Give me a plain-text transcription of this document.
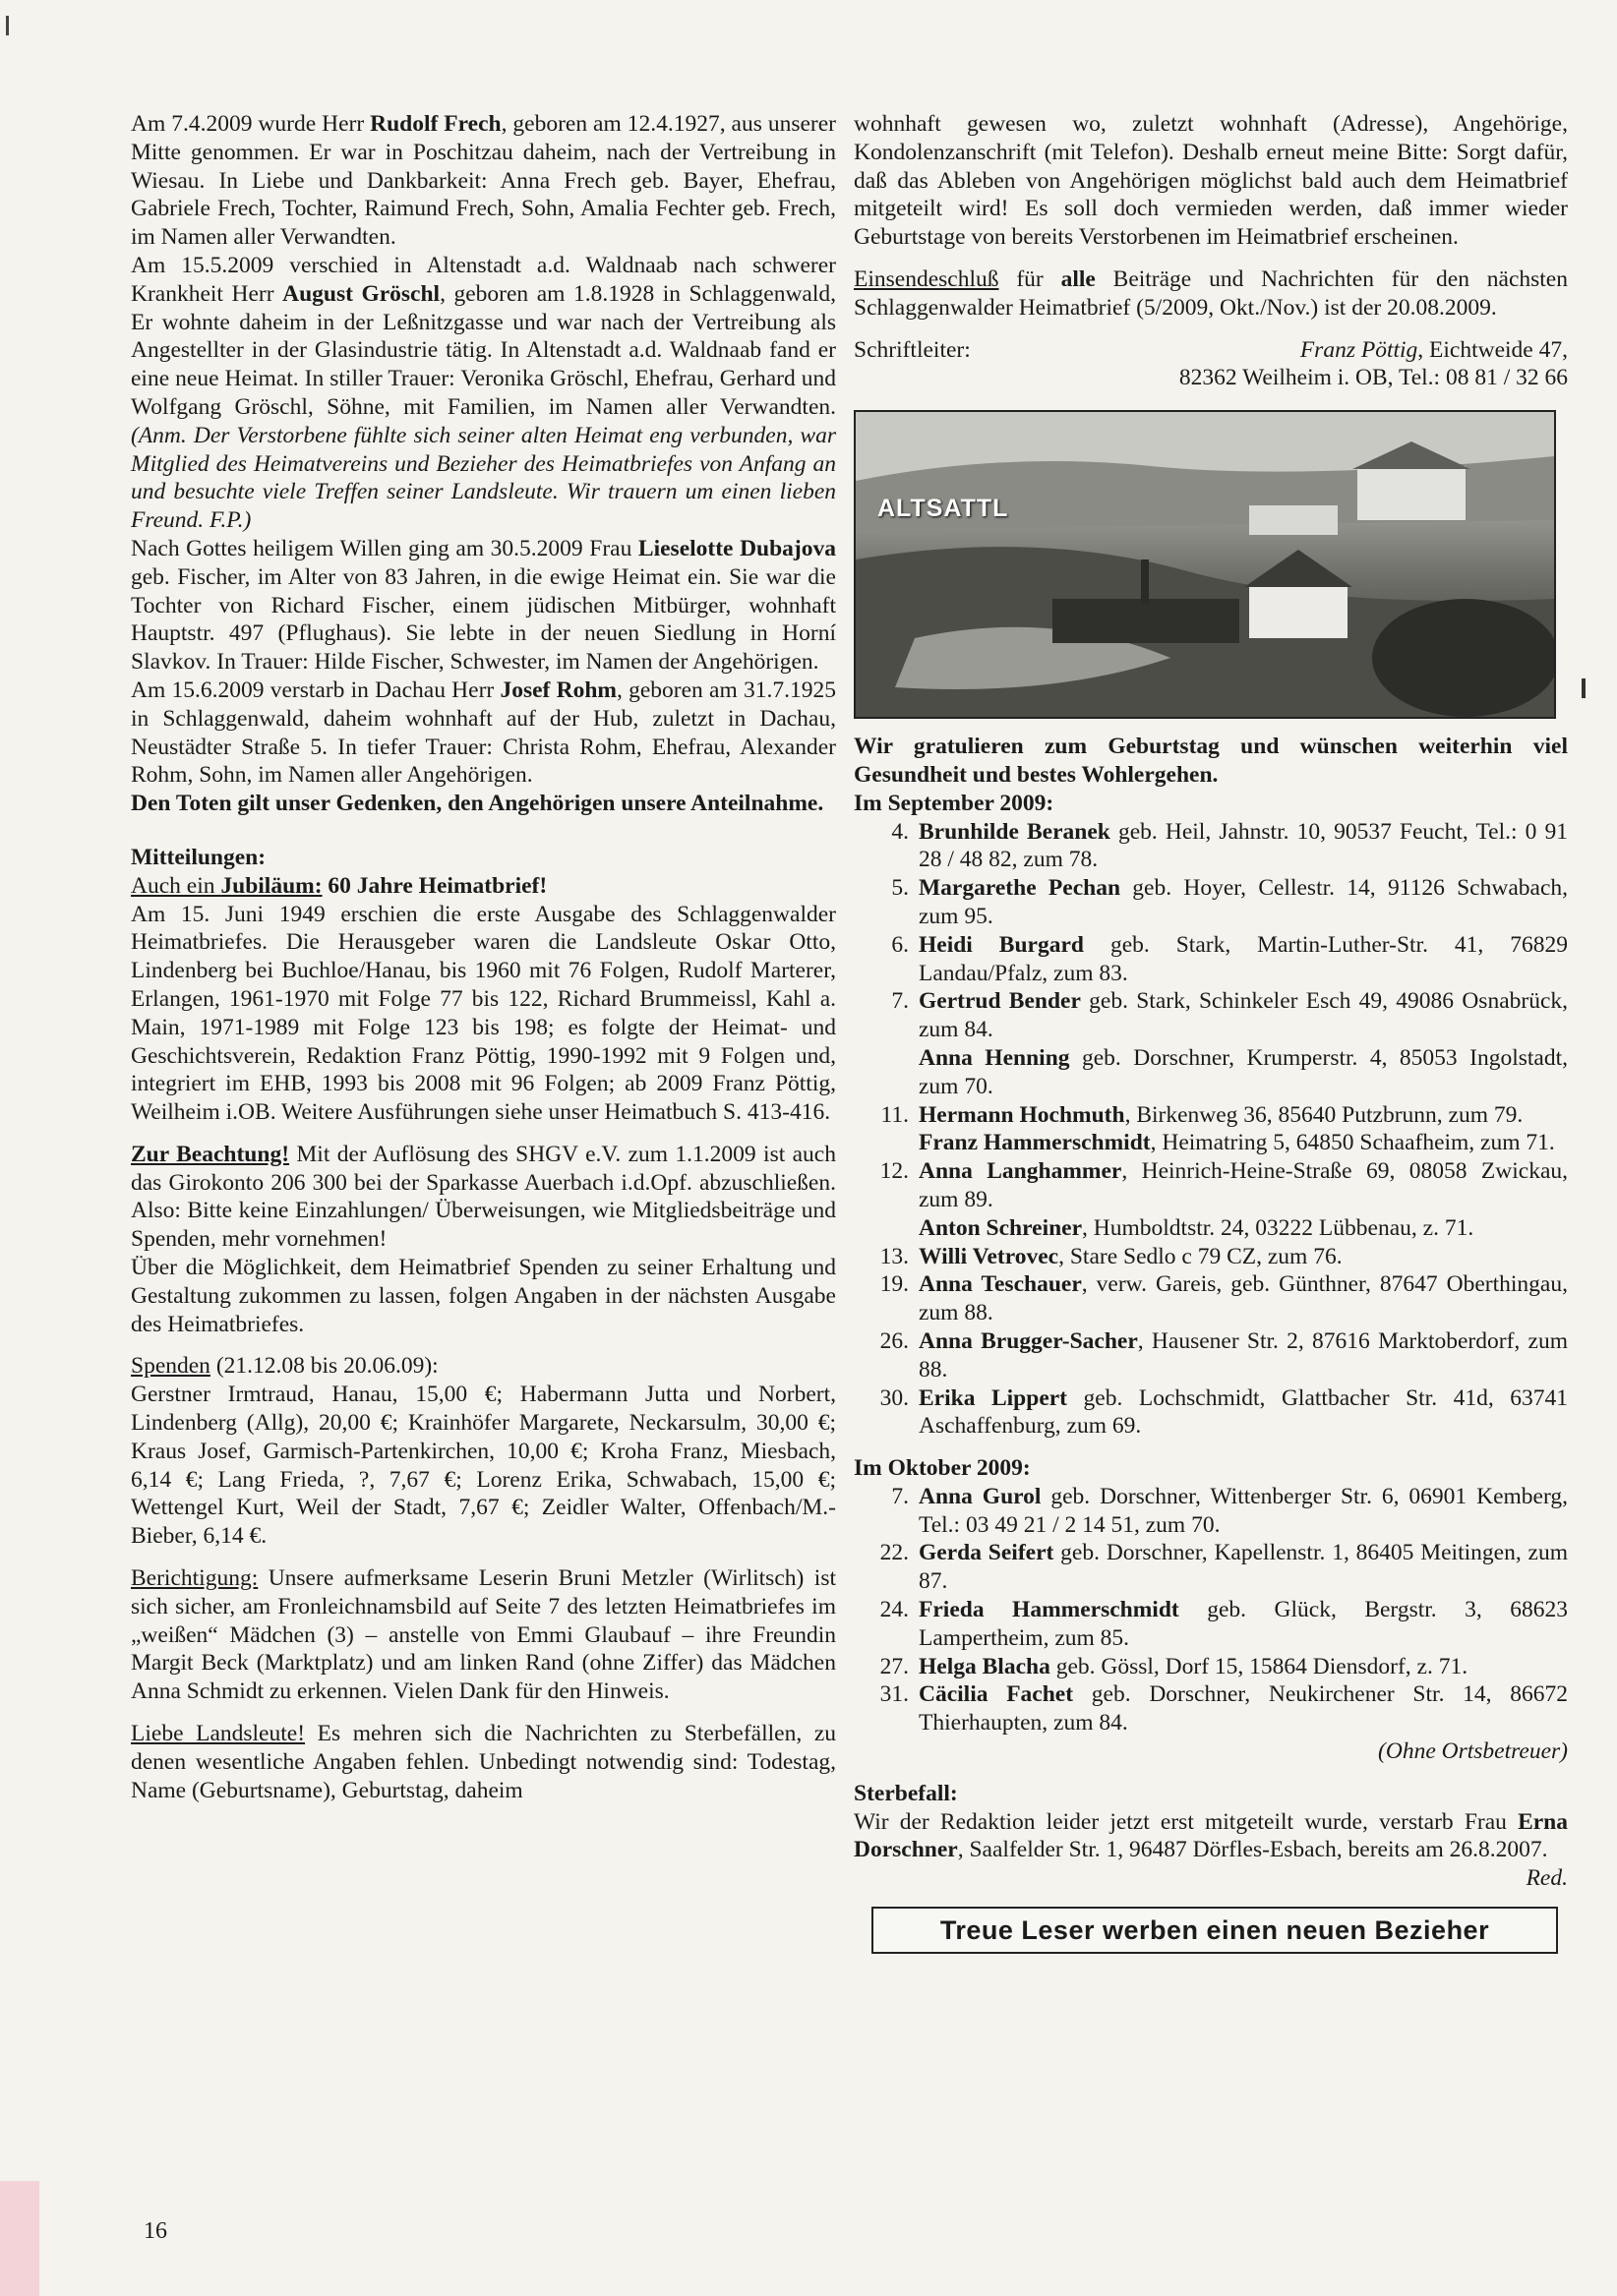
Am 7.4.2009 wurde Herr Rudolf Frech, geboren am 12.4.1927, aus unserer Mitte genommen. Er war in Poschitzau daheim, nach der Vertreibung in Wiesau. In Liebe und Dankbarkeit: Anna Frech geb. Bayer, Ehefrau, Gabriele Frech, Tochter, Raimund Frech, Sohn, Amalia Fechter geb. Frech, im Namen aller Verwandten.

Am 15.5.2009 verschied in Altenstadt a.d. Waldnaab nach schwerer Krankheit Herr August Gröschl, geboren am 1.8.1928 in Schlaggenwald, Er wohnte daheim in der Leßnitzgasse und war nach der Vertreibung als Angestellter in der Glasindustrie tätig. In Altenstadt a.d. Waldnaab fand er eine neue Heimat. In stiller Trauer: Veronika Gröschl, Ehefrau, Gerhard und Wolfgang Gröschl, Söhne, mit Familien, im Namen aller Verwandten. (Anm. Der Verstorbene fühlte sich seiner alten Heimat eng verbunden, war Mitglied des Heimatvereins und Bezieher des Heimatbriefes von Anfang an und besuchte viele Treffen seiner Landsleute. Wir trauern um einen lieben Freund. F.P.)

Nach Gottes heiligem Willen ging am 30.5.2009 Frau Lieselotte Dubajova geb. Fischer, im Alter von 83 Jahren, in die ewige Heimat ein. Sie war die Tochter von Richard Fischer, einem jüdischen Mitbürger, wohnhaft Hauptstr. 497 (Pflughaus). Sie lebte in der neuen Siedlung in Horní Slavkov. In Trauer: Hilde Fischer, Schwester, im Namen der Angehörigen.

Am 15.6.2009 verstarb in Dachau Herr Josef Rohm, geboren am 31.7.1925 in Schlaggenwald, daheim wohnhaft auf der Hub, zuletzt in Dachau, Neustädter Straße 5. In tiefer Trauer: Christa Rohm, Ehefrau, Alexander Rohm, Sohn, im Namen aller Angehörigen.

Den Toten gilt unser Gedenken, den Angehörigen unsere Anteilnahme.

Mitteilungen:

Auch ein Jubiläum: 60 Jahre Heimatbrief!

Am 15. Juni 1949 erschien die erste Ausgabe des Schlaggenwalder Heimatbriefes. Die Herausgeber waren die Landsleute Oskar Otto, Lindenberg bei Buchloe/Hanau, bis 1960 mit 76 Folgen, Rudolf Marterer, Erlangen, 1961-1970 mit Folge 77 bis 122, Richard Brummeissl, Kahl a. Main, 1971-1989 mit Folge 123 bis 198; es folgte der Heimat- und Geschichtsverein, Redaktion Franz Pöttig, 1990-1992 mit 9 Folgen und, integriert im EHB, 1993 bis 2008 mit 96 Folgen; ab 2009 Franz Pöttig, Weilheim i.OB. Weitere Ausführungen siehe unser Heimatbuch S. 413-416.

Zur Beachtung! Mit der Auflösung des SHGV e.V. zum 1.1.2009 ist auch das Girokonto 206 300 bei der Sparkasse Auerbach i.d.Opf. abzuschließen. Also: Bitte keine Einzahlungen/ Überweisungen, wie Mitgliedsbeiträge und Spenden, mehr vornehmen!

Über die Möglichkeit, dem Heimatbrief Spenden zu seiner Erhaltung und Gestaltung zukommen zu lassen, folgen Angaben in der nächsten Ausgabe des Heimatbriefes.

Spenden (21.12.08 bis 20.06.09):

Gerstner Irmtraud, Hanau, 15,00 €; Habermann Jutta und Norbert, Lindenberg (Allg), 20,00 €; Krainhöfer Margarete, Neckarsulm, 30,00 €; Kraus Josef, Garmisch-Partenkirchen, 10,00 €; Kroha Franz, Miesbach, 6,14 €; Lang Frieda, ?, 7,67 €; Lorenz Erika, Schwabach, 15,00 €; Wettengel Kurt, Weil der Stadt, 7,67 €; Zeidler Walter, Offenbach/M.-Bieber, 6,14 €.

Berichtigung: Unsere aufmerksame Leserin Bruni Metzler (Wirlitsch) ist sich sicher, am Fronleichnamsbild auf Seite 7 des letzten Heimatbriefes im „weißen“ Mädchen (3) – anstelle von Emmi Glaubauf – ihre Freundin Margit Beck (Marktplatz) und am linken Rand (ohne Ziffer) das Mädchen Anna Schmidt zu erkennen. Vielen Dank für den Hinweis.

Liebe Landsleute! Es mehren sich die Nachrichten zu Sterbefällen, zu denen wesentliche Angaben fehlen. Unbedingt notwendig sind: Todestag, Name (Geburtsname), Geburtstag, daheim

wohnhaft gewesen wo, zuletzt wohnhaft (Adresse), Angehörige, Kondolenzanschrift (mit Telefon). Deshalb erneut meine Bitte: Sorgt dafür, daß das Ableben von Angehörigen möglichst bald auch dem Heimatbrief mitgeteilt wird! Es soll doch vermieden werden, daß immer wieder Geburtstage von bereits Verstorbenen im Heimatbrief erscheinen.

Einsendeschluß für alle Beiträge und Nachrichten für den nächsten Schlaggenwalder Heimatbrief (5/2009, Okt./Nov.) ist der 20.08.2009.

Schriftleiter:	Franz Pöttig, Eichtweide 47,

82362 Weilheim i. OB, Tel.: 08 81 / 32 66

ALTSATTL

Wir gratulieren zum Geburtstag und wünschen weiterhin viel Gesundheit und bestes Wohlergehen.

Im September 2009:

4. Brunhilde Beranek geb. Heil, Jahnstr. 10, 90537 Feucht, Tel.: 0 91 28 / 48 82, zum 78.
5. Margarethe Pechan geb. Hoyer, Cellestr. 14, 91126 Schwabach, zum 95.
6. Heidi Burgard geb. Stark, Martin-Luther-Str. 41, 76829 Landau/Pfalz, zum 83.
7. Gertrud Bender geb. Stark, Schinkeler Esch 49, 49086 Osnabrück, zum 84.
Anna Henning geb. Dorschner, Krumperstr. 4, 85053 Ingolstadt, zum 70.
11. Hermann Hochmuth, Birkenweg 36, 85640 Putzbrunn, zum 79.
Franz Hammerschmidt, Heimatring 5, 64850 Schaafheim, zum 71.
12. Anna Langhammer, Heinrich-Heine-Straße 69, 08058 Zwickau, zum 89.
Anton Schreiner, Humboldtstr. 24, 03222 Lübbenau, z. 71.
13. Willi Vetrovec, Stare Sedlo c 79 CZ, zum 76.
19. Anna Teschauer, verw. Gareis, geb. Günthner, 87647 Oberthingau, zum 88.
26. Anna Brugger-Sacher, Hausener Str. 2, 87616 Marktoberdorf, zum 88.
30. Erika Lippert geb. Lochschmidt, Glattbacher Str. 41d, 63741 Aschaffenburg, zum 69.

Im Oktober 2009:

7. Anna Gurol geb. Dorschner, Wittenberger Str. 6, 06901 Kemberg, Tel.: 03 49 21 / 2 14 51, zum 70.
22. Gerda Seifert geb. Dorschner, Kapellenstr. 1, 86405 Meitingen, zum 87.
24. Frieda Hammerschmidt geb. Glück, Bergstr. 3, 68623 Lampertheim, zum 85.
27. Helga Blacha geb. Gössl, Dorf 15, 15864 Diensdorf, z. 71.
31. Cäcilia Fachet geb. Dorschner, Neukirchener Str. 14, 86672 Thierhaupten, zum 84.

(Ohne Ortsbetreuer)

Sterbefall:

Wir der Redaktion leider jetzt erst mitgeteilt wurde, verstarb Frau Erna Dorschner, Saalfelder Str. 1, 96487 Dörfles-Esbach, bereits am 26.8.2007.

Red.

Treue Leser werben einen neuen Bezieher
16
